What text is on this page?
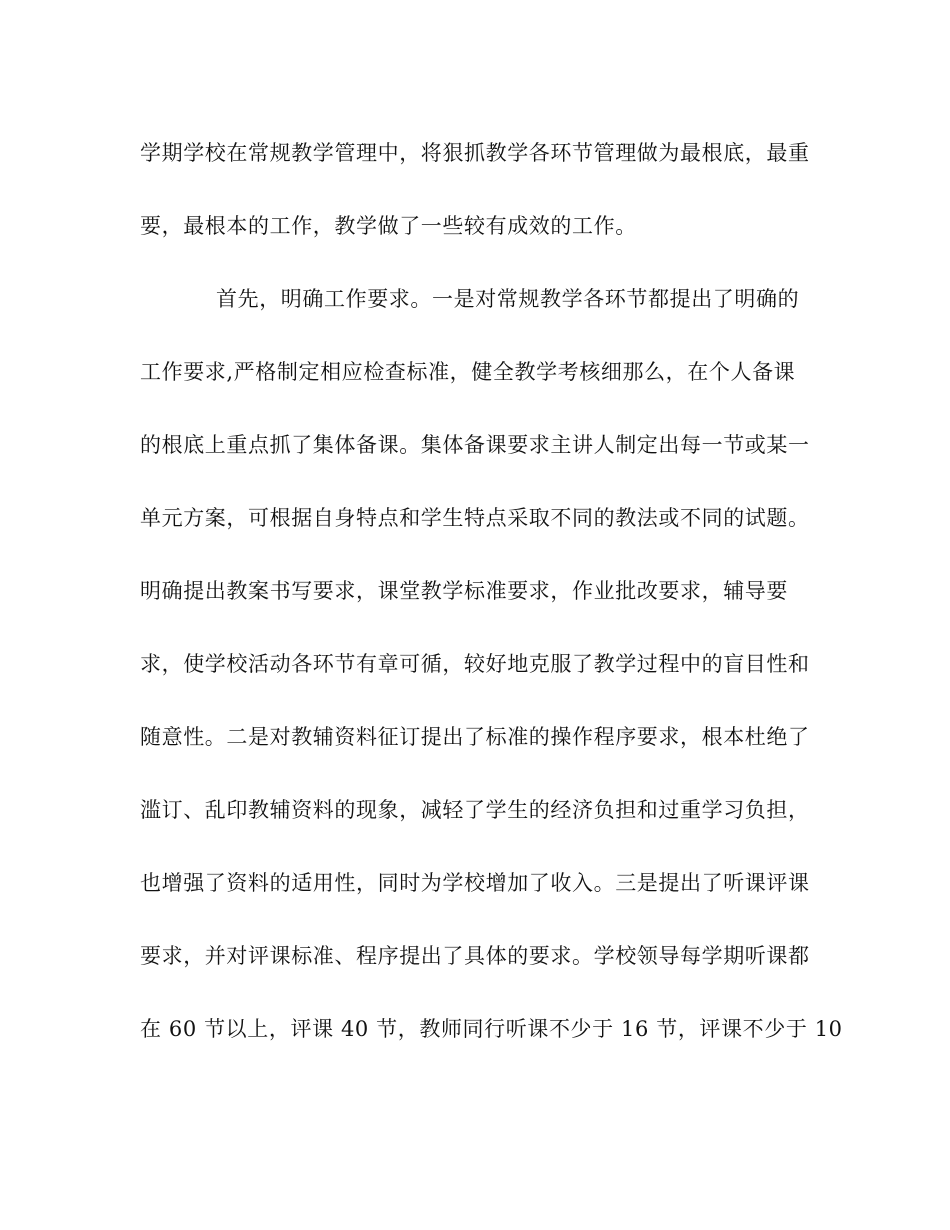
学期学校在常规教学管理中，将狠抓教学各环节管理做为最根底，最重
要，最根本的工作，教学做了一些较有成效的工作。
首先，明确工作要求。一是对常规教学各环节都提出了明确的
工作要求,严格制定相应检查标准，健全教学考核细那么，在个人备课
的根底上重点抓了集体备课。集体备课要求主讲人制定出每一节或某一
单元方案，可根据自身特点和学生特点采取不同的教法或不同的试题。
明确提出教案书写要求，课堂教学标准要求，作业批改要求，辅导要
求，使学校活动各环节有章可循，较好地克服了教学过程中的盲目性和
随意性。二是对教辅资料征订提出了标准的操作程序要求，根本杜绝了
滥订、乱印教辅资料的现象，减轻了学生的经济负担和过重学习负担，
也增强了资料的适用性，同时为学校增加了收入。三是提出了听课评课
要求，并对评课标准、程序提出了具体的要求。学校领导每学期听课都
在 60 节以上，评课 40 节，教师同行听课不少于 16 节，评课不少于 10
